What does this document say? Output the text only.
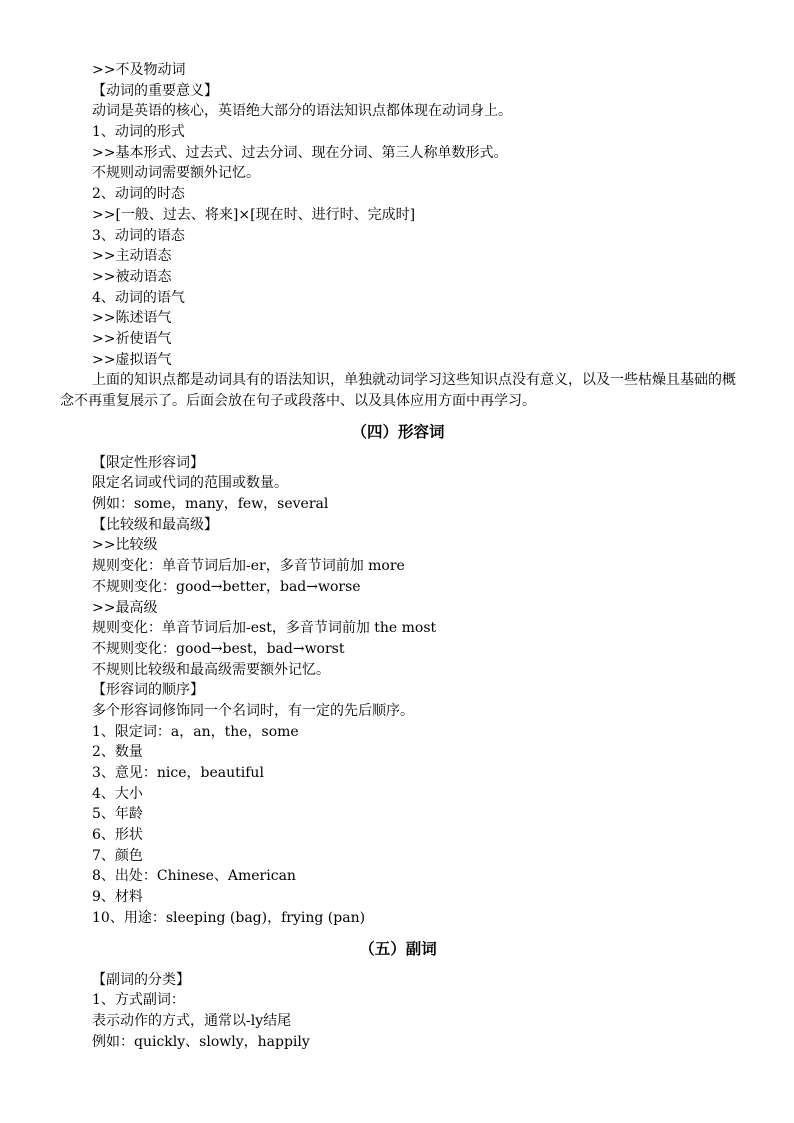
>>不及物动词
【动词的重要意义】
动词是英语的核心，英语绝大部分的语法知识点都体现在动词身上。
1、动词的形式
>>基本形式、过去式、过去分词、现在分词、第三人称单数形式。
不规则动词需要额外记忆。
2、动词的时态
>>[一般、过去、将来]×[现在时、进行时、完成时]
3、动词的语态
>>主动语态
>>被动语态
4、动词的语气
>>陈述语气
>>祈使语气
>>虚拟语气
上面的知识点都是动词具有的语法知识，单独就动词学习这些知识点没有意义，以及一些枯燥且基础的概念不再重复展示了。后面会放在句子或段落中、以及具体应用方面中再学习。
（四）形容词
【限定性形容词】
限定名词或代词的范围或数量。
例如：some，many，few，several
【比较级和最高级】
>>比较级
规则变化：单音节词后加-er，多音节词前加 more
不规则变化：good→better，bad→worse
>>最高级
规则变化：单音节词后加-est，多音节词前加 the most
不规则变化：good→best，bad→worst
不规则比较级和最高级需要额外记忆。
【形容词的顺序】
多个形容词修饰同一个名词时，有一定的先后顺序。
1、限定词：a，an，the，some
2、数量
3、意见：nice，beautiful
4、大小
5、年龄
6、形状
7、颜色
8、出处：Chinese、American
9、材料
10、用途：sleeping (bag)，frying (pan)
（五）副词
【副词的分类】
1、方式副词：
表示动作的方式，通常以-ly结尾
例如：quickly、slowly，happily
